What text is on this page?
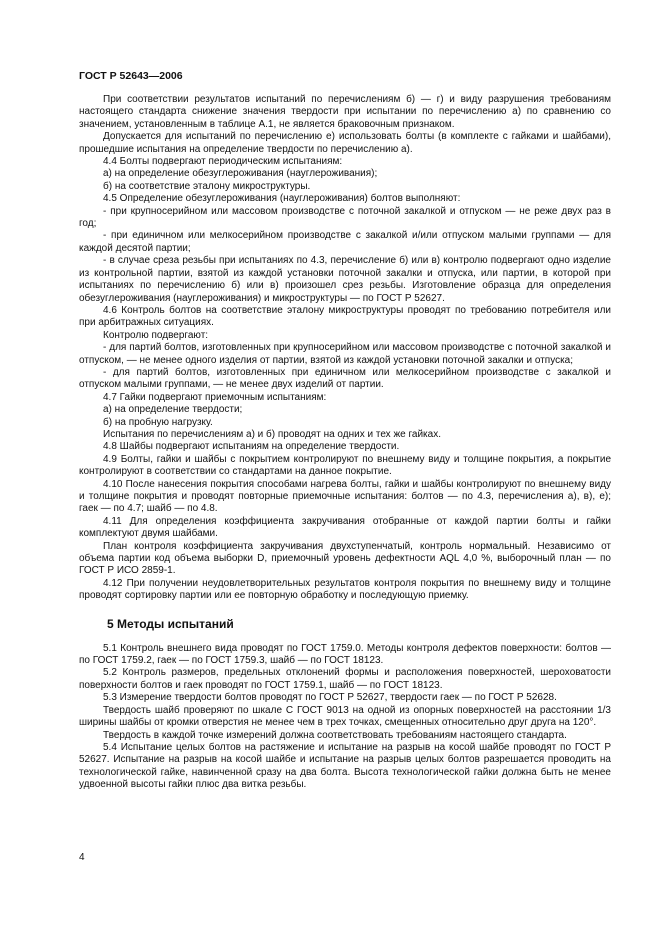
ГОСТ Р 52643—2006

При соответствии результатов испытаний по перечислениям б) — г) и виду разрушения требованиям настоящего стандарта снижение значения твердости при испытании по перечислению а) по сравнению со значением, установленным в таблице А.1, не является браковочным признаком.

Допускается для испытаний по перечислению е) использовать болты (в комплекте с гайками и шайбами), прошедшие испытания на определение твердости по перечислению а).

4.4 Болты подвергают периодическим испытаниям:

а) на определение обезуглероживания (науглероживания);

б) на соответствие эталону микроструктуры.

4.5 Определение обезуглероживания (науглероживания) болтов выполняют:

- при крупносерийном или массовом производстве с поточной закалкой и отпуском — не реже двух раз в год;

- при единичном или мелкосерийном производстве с закалкой и/или отпуском малыми группами — для каждой десятой партии;

- в случае среза резьбы при испытаниях по 4.3, перечисление б) или в) контролю подвергают одно изделие из контрольной партии, взятой из каждой установки поточной закалки и отпуска, или партии, в которой при испытаниях по перечислению б) или в) произошел срез резьбы. Изготовление образца для определения обезуглероживания (науглероживания) и микроструктуры — по ГОСТ Р 52627.

4.6 Контроль болтов на соответствие эталону микроструктуры проводят по требованию потребителя или при арбитражных ситуациях.

Контролю подвергают:

- для партий болтов, изготовленных при крупносерийном или массовом производстве с поточной закалкой и отпуском, — не менее одного изделия от партии, взятой из каждой установки поточной закалки и отпуска;

- для партий болтов, изготовленных при единичном или мелкосерийном производстве с закалкой и отпуском малыми группами, — не менее двух изделий от партии.

4.7 Гайки подвергают приемочным испытаниям:

а) на определение твердости;

б) на пробную нагрузку.

Испытания по перечислениям а) и б) проводят на одних и тех же гайках.

4.8 Шайбы подвергают испытаниям на определение твердости.

4.9 Болты, гайки и шайбы с покрытием контролируют по внешнему виду и толщине покрытия, а покрытие контролируют в соответствии со стандартами на данное покрытие.

4.10 После нанесения покрытия способами нагрева болты, гайки и шайбы контролируют по внешнему виду и толщине покрытия и проводят повторные приемочные испытания: болтов — по 4.3, перечисления а), в), е); гаек — по 4.7; шайб — по 4.8.

4.11 Для определения коэффициента закручивания отобранные от каждой партии болты и гайки комплектуют двумя шайбами.

План контроля коэффициента закручивания двухступенчатый, контроль нормальный. Независимо от объема партии код объема выборки D, приемочный уровень дефектности AQL 4,0 %, выборочный план — по ГОСТ Р ИСО 2859-1.

4.12 При получении неудовлетворительных результатов контроля покрытия по внешнему виду и толщине проводят сортировку партии или ее повторную обработку и последующую приемку.

5 Методы испытаний

5.1 Контроль внешнего вида проводят по ГОСТ 1759.0. Методы контроля дефектов поверхности: болтов — по ГОСТ 1759.2, гаек — по ГОСТ 1759.3, шайб — по ГОСТ 18123.

5.2 Контроль размеров, предельных отклонений формы и расположения поверхностей, шероховатости поверхности болтов и гаек проводят по ГОСТ 1759.1, шайб — по ГОСТ 18123.

5.3 Измерение твердости болтов проводят по ГОСТ Р 52627, твердости гаек — по ГОСТ Р 52628.

Твердость шайб проверяют по шкале С ГОСТ 9013 на одной из опорных поверхностей на расстоянии 1/3 ширины шайбы от кромки отверстия не менее чем в трех точках, смещенных относительно друг друга на 120°.

Твердость в каждой точке измерений должна соответствовать требованиям настоящего стандарта.

5.4 Испытание целых болтов на растяжение и испытание на разрыв на косой шайбе проводят по ГОСТ Р 52627. Испытание на разрыв на косой шайбе и испытание на разрыв целых болтов разрешается проводить на технологической гайке, навинченной сразу на два болта. Высота технологической гайки должна быть не менее удвоенной высоты гайки плюс два витка резьбы.

4
